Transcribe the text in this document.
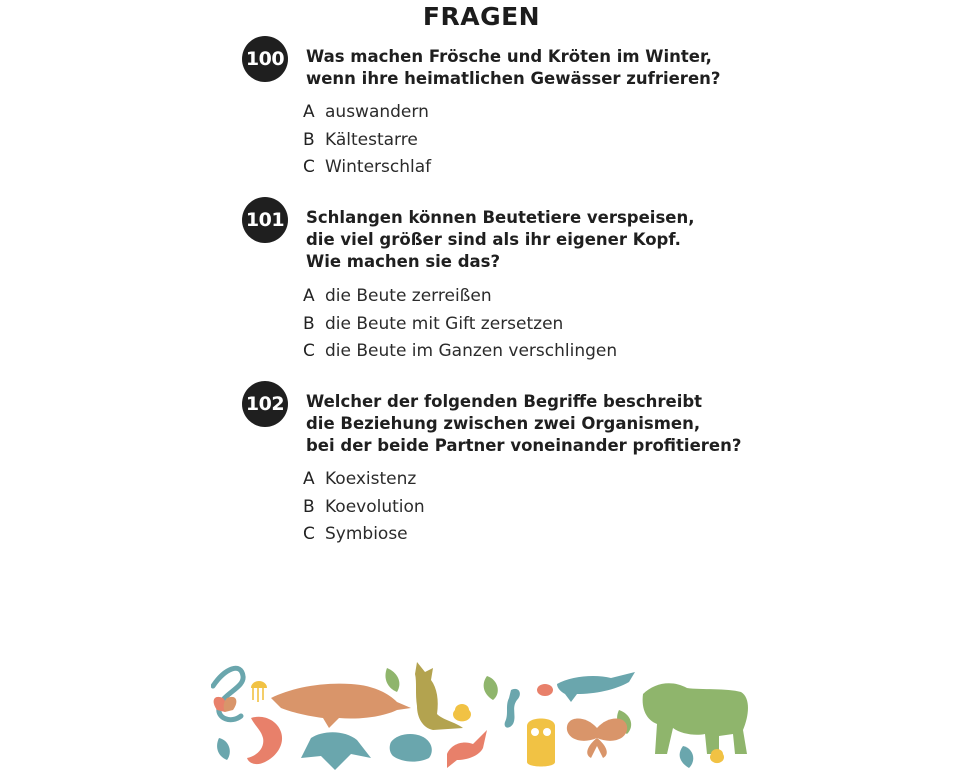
FRAGEN
100 Was machen Frösche und Kröten im Winter,
wenn ihre heimatlichen Gewässer zufrieren?
A auswandern
B Kältestarre
C Winterschlaf
101 Schlangen können Beutetiere verspeisen,
die viel größer sind als ihr eigener Kopf.
Wie machen sie das?
A die Beute zerreißen
B die Beute mit Gift zersetzen
C die Beute im Ganzen verschlingen
102 Welcher der folgenden Begriffe beschreibt
die Beziehung zwischen zwei Organismen,
bei der beide Partner voneinander profitieren?
A Koexistenz
B Koevolution
C Symbiose
